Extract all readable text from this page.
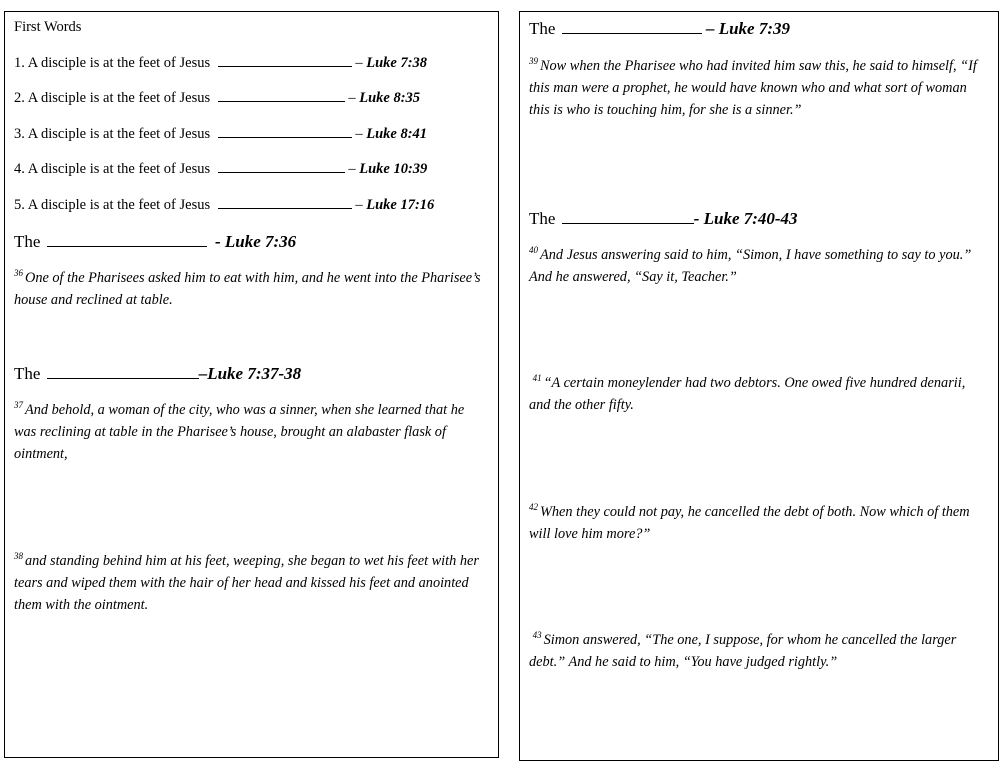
First Words
1. A disciple is at the feet of Jesus	– Luke 7:38
2. A disciple is at the feet of Jesus	– Luke 8:35
3. A disciple is at the feet of Jesus	– Luke 8:41
4. A disciple is at the feet of Jesus	– Luke 10:39
5. A disciple is at the feet of Jesus	– Luke 17:16
The	- Luke 7:36
$^{36}$ One of the Pharisees asked him to eat with him, and he went into the Pharisee’s house and reclined at table.
The	–Luke 7:37-38
$^{37}$ And behold, a woman of the city, who was a sinner, when she learned that he was reclining at table in the Pharisee’s house, brought an alabaster flask of ointment,
$^{38}$ and standing behind him at his feet, weeping, she began to wet his feet with her tears and wiped them with the hair of her head and kissed his feet and anointed them with the ointment.
The	– Luke 7:39
$^{39}$ Now when the Pharisee who had invited him saw this, he said to himself, “If this man were a prophet, he would have known who and what sort of woman this is who is touching him, for she is a sinner.”
The	- Luke 7:40-43
$^{40}$ And Jesus answering said to him, “Simon, I have something to say to you.” And he answered, “Say it, Teacher.”
$^{41}$ “A certain moneylender had two debtors. One owed five hundred denarii, and the other fifty.
$^{42}$ When they could not pay, he cancelled the debt of both. Now which of them will love him more?”
$^{43}$ Simon answered, “The one, I suppose, for whom he cancelled the larger debt.” And he said to him, “You have judged rightly.”
